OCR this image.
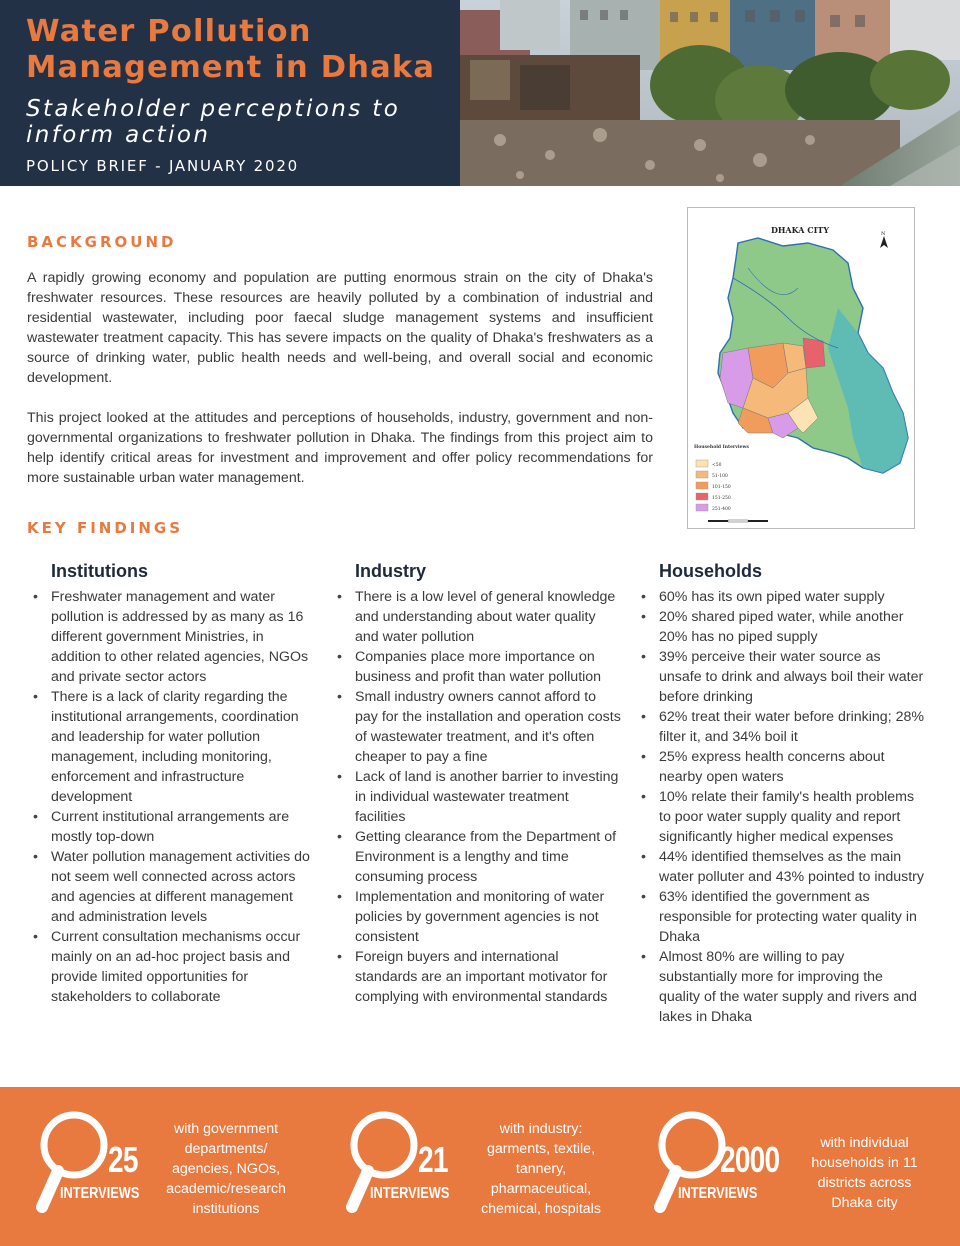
Water Pollution
Management in Dhaka
Stakeholder perceptions to
inform action
POLICY BRIEF - JANUARY 2020
BACKGROUND
A rapidly growing economy and population are putting enormous strain on the city of Dhaka's freshwater resources. These resources are heavily polluted by a combination of industrial and residential wastewater, including poor faecal sludge management systems and insufficient wastewater treatment capacity. This has severe impacts on the quality of Dhaka's freshwaters as a source of drinking water, public health needs and well-being, and overall social and economic development.
This project looked at the attitudes and perceptions of households, industry, government and non-governmental organizations to freshwater pollution in Dhaka. The findings from this project aim to help identify critical areas for investment and improvement and offer policy recommendations for more sustainable urban water management.
DHAKA CITY	N
Household Interviews
<50
51-100
101-150
151-250
251-400
KEY FINDINGS
Institutions
• Freshwater management and water pollution is addressed by as many as 16 different government Ministries, in addition to other related agencies, NGOs and private sector actors
• There is a lack of clarity regarding the institutional arrangements, coordination and leadership for water pollution management, including monitoring, enforcement and infrastructure development
• Current institutional arrangements are mostly top-down
• Water pollution management activities do not seem well connected across actors and agencies at different management and administration levels
• Current consultation mechanisms occur mainly on an ad-hoc project basis and provide limited opportunities for stakeholders to collaborate
Industry
• There is a low level of general knowledge and understanding about water quality and water pollution
• Companies place more importance on business and profit than water pollution
• Small industry owners cannot afford to pay for the installation and operation costs of wastewater treatment, and it's often cheaper to pay a fine
• Lack of land is another barrier to investing in individual wastewater treatment facilities
• Getting clearance from the Department of Environment is a lengthy and time consuming process
• Implementation and monitoring of water policies by government agencies is not consistent
• Foreign buyers and international standards are an important motivator for complying with environmental standards
Households
• 60% has its own piped water supply
• 20% shared piped water, while another 20% has no piped supply
• 39% perceive their water source as unsafe to drink and always boil their water before drinking
• 62% treat their water before drinking; 28% filter it, and 34% boil it
• 25% express health concerns about nearby open waters
• 10% relate their family's health problems to poor water supply quality and report significantly higher medical expenses
• 44% identified themselves as the main water polluter and 43% pointed to industry
• 63% identified the government as responsible for protecting water quality in Dhaka
• Almost 80% are willing to pay substantially more for improving the quality of the water supply and rivers and lakes in Dhaka
25
INTERVIEWS
with government
departments/
agencies, NGOs,
academic/research
institutions
21
INTERVIEWS
with industry:
garments, textile,
tannery,
pharmaceutical,
chemical, hospitals
2000
INTERVIEWS
with individual
households in 11
districts across
Dhaka city
